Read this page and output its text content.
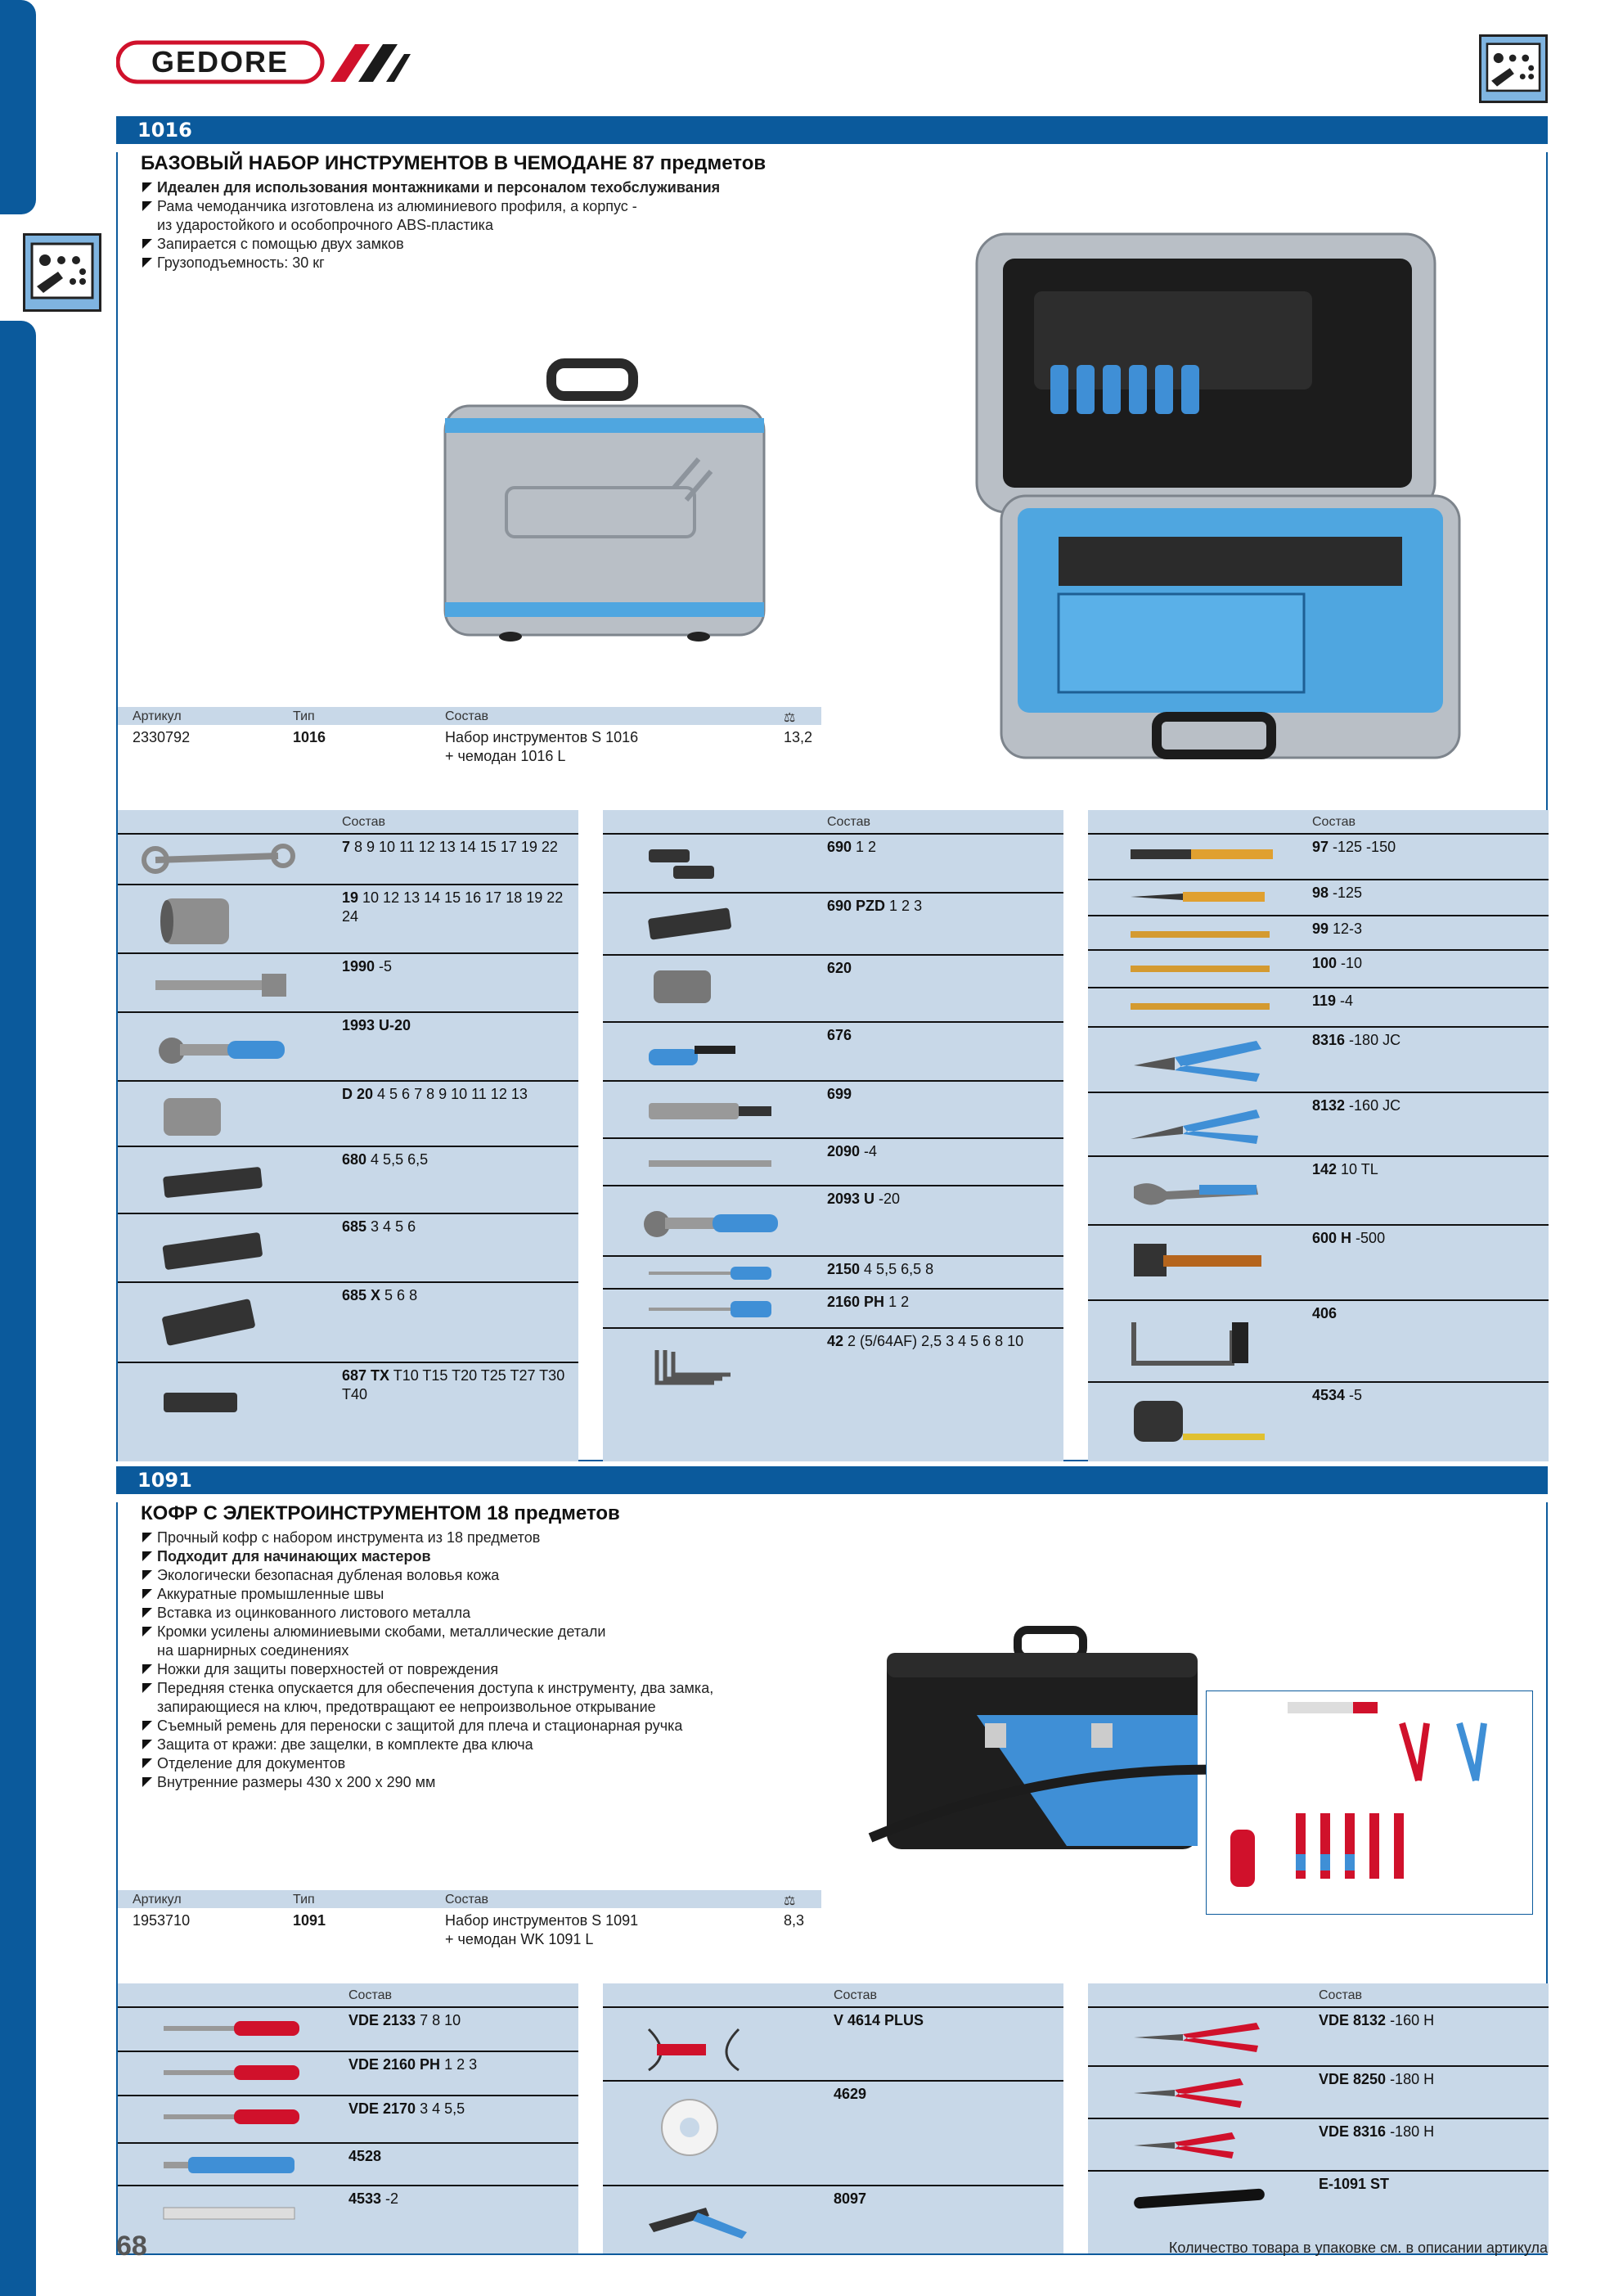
GEDORE
1016
БАЗОВЫЙ НАБОР ИНСТРУМЕНТОВ В ЧЕМОДАНЕ 87 предметов
Идеален для использования монтажниками и персоналом техобслуживания
Рама чемоданчика изготовлена из алюминиевого профиля, а корпус -
из ударостойкого и особопрочного ABS-пластика
Запирается с помощью двух замков
Грузоподъемность: 30 кг
Артикул	Тип	Состав	⚖
2330792	1016	Набор инструментов S 1016
+ чемодан 1016 L
13,2
Состав
7 8 9 10 11 12 13 14 15 17 19 22
19 10 12 13 14 15 16 17 18 19 22 24
1990 -5
1993 U-20
D 20 4 5 6 7 8 9 10 11 12 13
680 4 5,5 6,5
685 3 4 5 6
685 X 5 6 8
687 TX T10 T15 T20 T25 T27 T30 T40
Состав
690 1 2
690 PZD 1 2 3
620
676
699
2090 -4
2093 U -20
2150 4 5,5 6,5 8
2160 PH 1 2
42 2 (5/64AF) 2,5 3 4 5 6 8 10
Состав
97 -125 -150
98 -125
99 12-3
100 -10
119 -4
8316 -180 JC
8132 -160 JC
142 10 TL
600 H -500
406
4534 -5
1091
КОФР С ЭЛЕКТРОИНСТРУМЕНТОМ 18 предметов
Прочный кофр с набором инструмента из 18 предметов
Подходит для начинающих мастеров
Экологически безопасная дубленая воловья кожа
Аккуратные промышленные швы
Вставка из оцинкованного листового металла
Кромки усилены алюминиевыми скобами, металлические детали
на шарнирных соединениях
Ножки для защиты поверхностей от повреждения
Передняя стенка опускается для обеспечения доступа к инструменту, два замка,
запирающиеся на ключ, предотвращают ее непроизвольное открывание
Съемный ремень для переноски с защитой для плеча и стационарная ручка
Защита от кражи: две защелки, в комплекте два ключа
Отделение для документов
Внутренние размеры 430 x 200 x 290 мм
Артикул	Тип	Состав	⚖
1953710	1091	Набор инструментов S 1091
+ чемодан WK 1091 L
8,3
Состав
VDE 2133 7 8 10
VDE 2160 PH 1 2 3
VDE 2170 3 4 5,5
4528
4533 -2
Состав
V 4614 PLUS
4629
8097
Состав
VDE 8132 -160 H
VDE 8250 -180 H
VDE 8316 -180 H
E-1091 ST
68	Количество товара в упаковке см. в описании артикула
